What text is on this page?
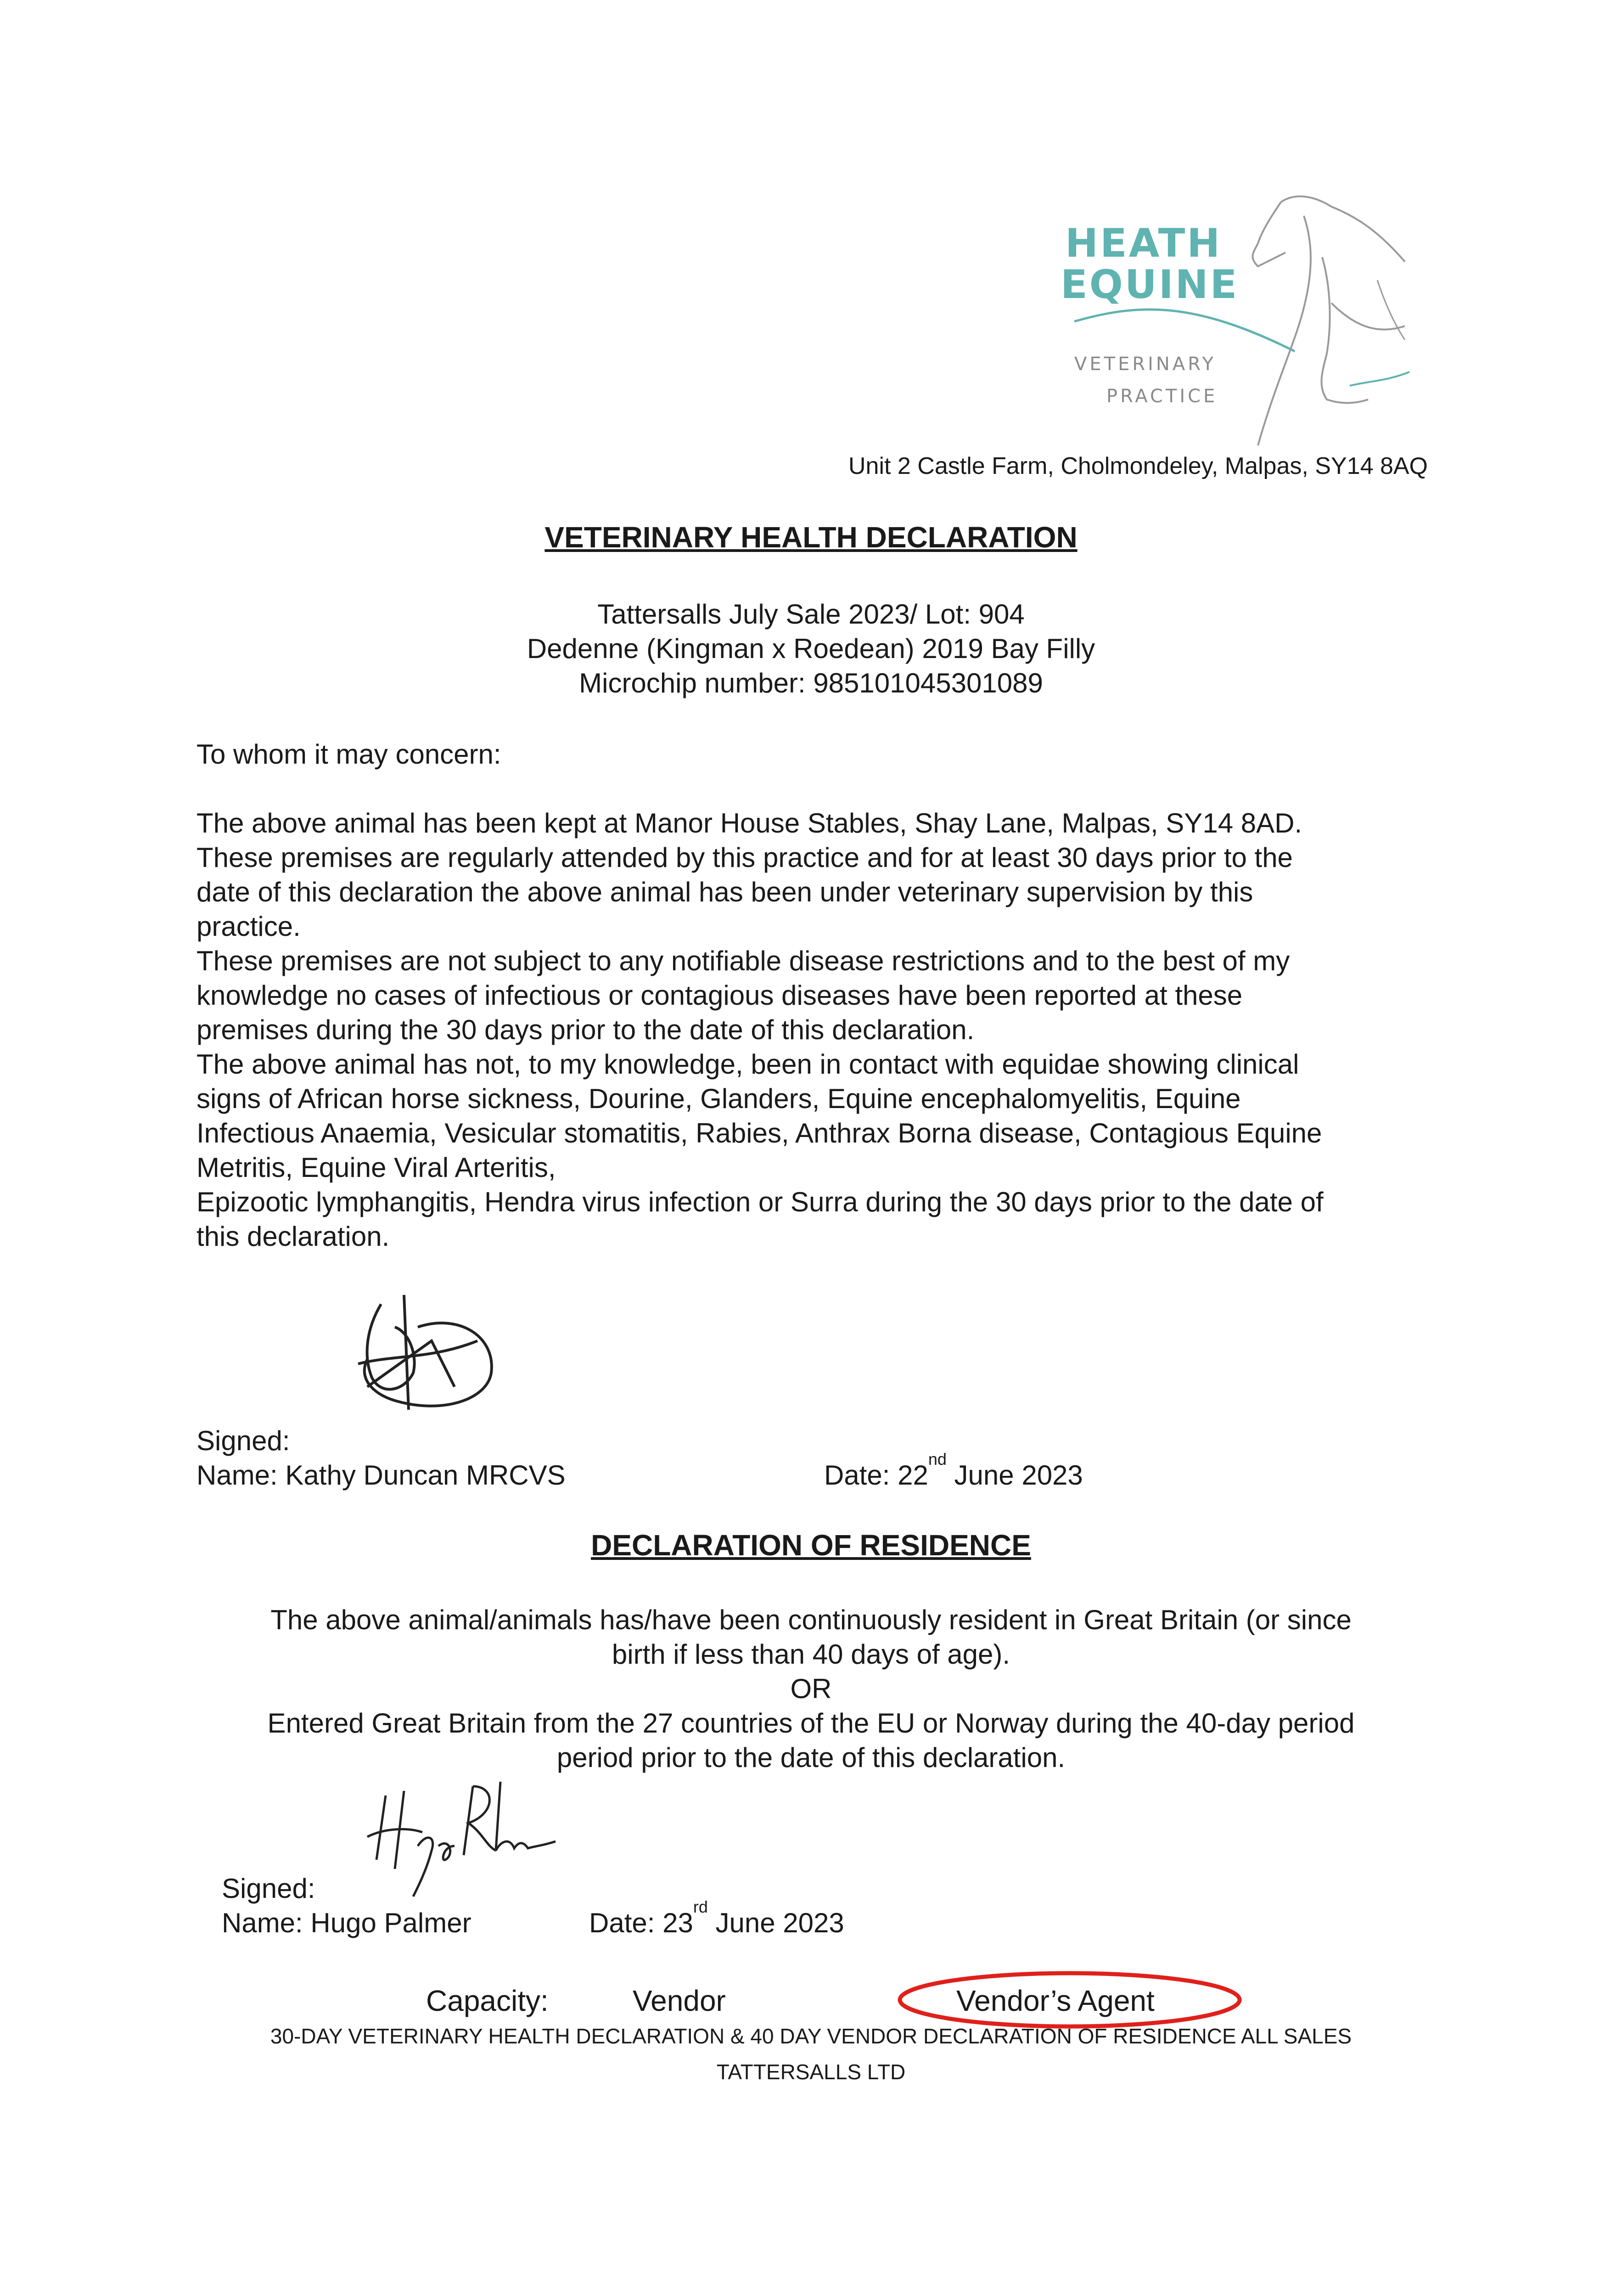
HEATH
EQUINE
VETERINARY
PRACTICE
Unit 2 Castle Farm, Cholmondeley, Malpas, SY14 8AQ
VETERINARY HEALTH DECLARATION
Tattersalls July Sale 2023/ Lot: 904
Dedenne (Kingman x Roedean) 2019 Bay Filly
Microchip number: 985101045301089
To whom it may concern:
The above animal has been kept at Manor House Stables, Shay Lane, Malpas, SY14 8AD.
These premises are regularly attended by this practice and for at least 30 days prior to the
date of this declaration the above animal has been under veterinary supervision by this
practice.
These premises are not subject to any notifiable disease restrictions and to the best of my
knowledge no cases of infectious or contagious diseases have been reported at these
premises during the 30 days prior to the date of this declaration.
The above animal has not, to my knowledge, been in contact with equidae showing clinical
signs of African horse sickness, Dourine, Glanders, Equine encephalomyelitis, Equine
Infectious Anaemia, Vesicular stomatitis, Rabies, Anthrax Borna disease, Contagious Equine
Metritis, Equine Viral Arteritis,
Epizootic lymphangitis, Hendra virus infection or Surra during the 30 days prior to the date of
this declaration.
Signed:
Name: Kathy Duncan MRCVS	Date: 22nd June 2023
DECLARATION OF RESIDENCE
The above animal/animals has/have been continuously resident in Great Britain (or since
birth if less than 40 days of age).
OR
Entered Great Britain from the 27 countries of the EU or Norway during the 40-day period
period prior to the date of this declaration.
Signed:
Name: Hugo Palmer	Date: 23rd June 2023
Capacity:	Vendor	Vendor’s Agent
30-DAY VETERINARY HEALTH DECLARATION & 40 DAY VENDOR DECLARATION OF RESIDENCE ALL SALES
TATTERSALLS LTD
